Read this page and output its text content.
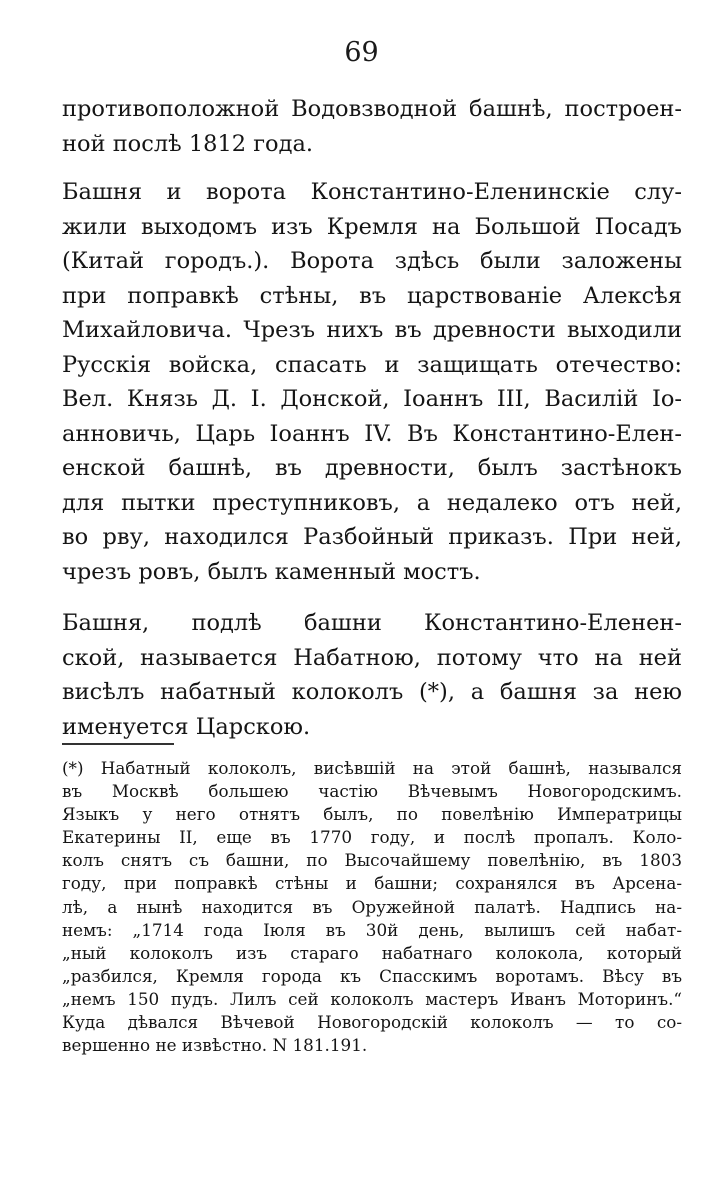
69
противоположной Водовзводной башнѣ, построен-
ной послѣ 1812 года.
Башня и ворота Константино-Еленинскiе слу-
жили выходомъ изъ Кремля на Большой Посадъ
(Китай городъ.). Ворота здѣсь были заложены
при поправкѣ стѣны, въ царствованiе Алексѣя
Михайловича. Чрезъ нихъ въ древности выходили
Русскiя войска, спасать и защищать отечество:
Вел. Князь Д. I. Донской, Iоаннъ III, Василiй Iо-
анновичь, Царь Iоаннъ IV. Въ Константино-Елен-
енской башнѣ, въ древности, былъ застѣнокъ
для пытки преступниковъ, а недалеко отъ ней,
во рву, находился Разбойный приказъ. При ней,
чрезъ ровъ, былъ каменный мостъ.
Башня, подлѣ башни Константино-Еленен-
ской, называется Набатною, потому что на ней
висѣлъ набатный колоколъ (*), а башня за нею
именуется Царскою.
(*) Набатный колоколъ, висѣвшiй на этой башнѣ, назывался
въ Москвѣ большею частiю Вѣчевымъ Новогородскимъ.
Языкъ у него отнятъ былъ, по повелѣнiю Императрицы
Екатерины II, еще въ 1770 году, и послѣ пропалъ. Коло-
колъ снятъ съ башни, по Высочайшему повелѣнiю, въ 1803
году, при поправкѣ стѣны и башни; сохранялся въ Арсена-
лѣ, а нынѣ находится въ Оружейной палатѣ. Надпись на-
немъ: „1714 года Iюля въ 30й день, вылишъ сей набат-
„ный колоколъ изъ стараго набатнаго колокола, который
„разбился, Кремля города къ Спасскимъ воротамъ. Вѣсу въ
„немъ 150 пудъ. Лилъ сей колоколъ мастеръ Иванъ Моторинъ.“
Куда дѣвался Вѣчевой Новогородскiй колоколъ — то со-
вершенно не извѣстно. N 181.191.
